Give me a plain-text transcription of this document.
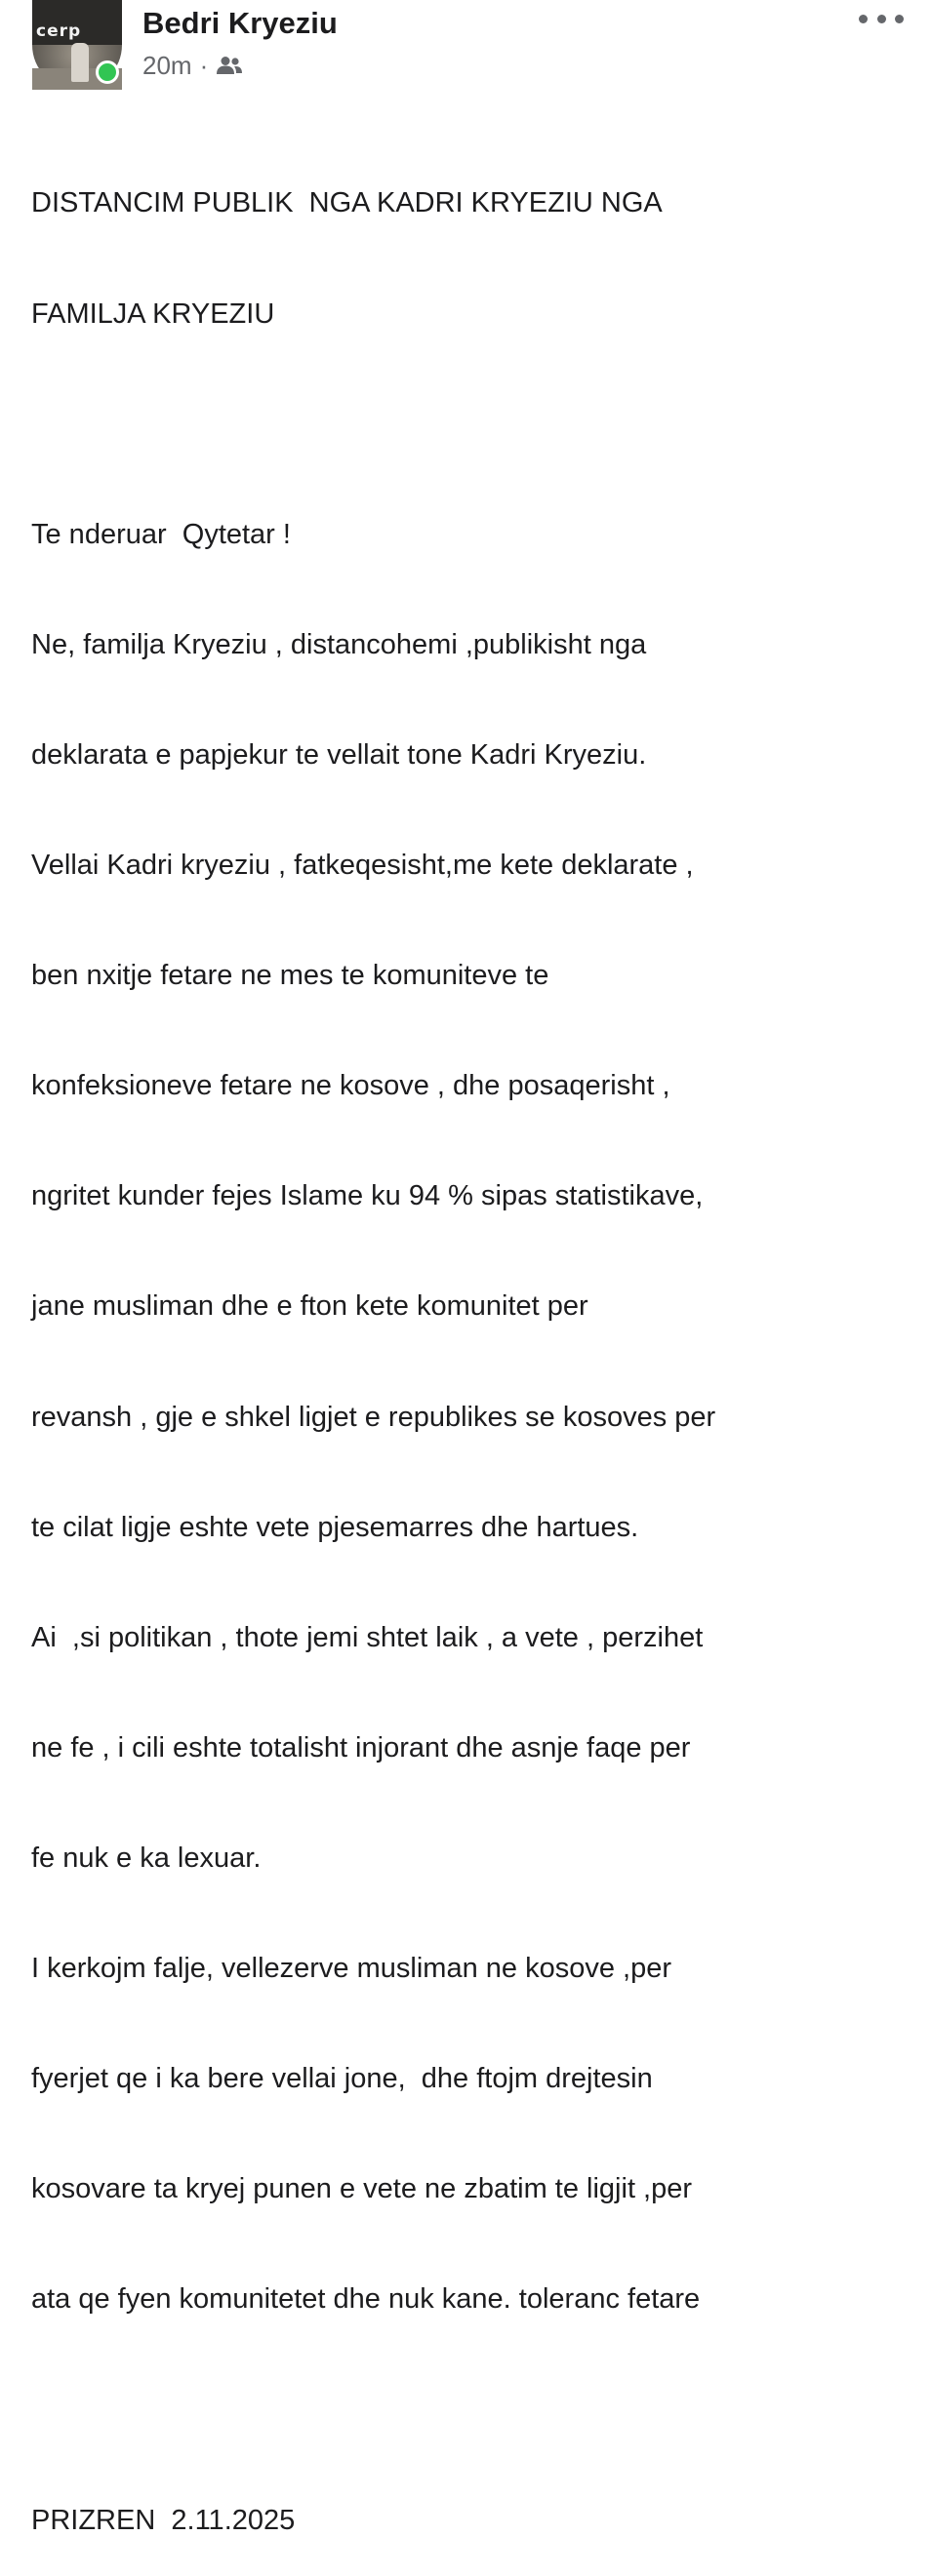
cerp	Bedri Kryeziu
20m ·

DISTANCIM PUBLIK  NGA KADRI KRYEZIU NGA

FAMILJA KRYEZIU

Te nderuar  Qytetar !

Ne, familja Kryeziu , distancohemi ,publikisht nga

deklarata e papjekur te vellait tone Kadri Kryeziu.

Vellai Kadri kryeziu , fatkeqesisht,me kete deklarate ,

ben nxitje fetare ne mes te komuniteve te

konfeksioneve fetare ne kosove , dhe posaqerisht ,

ngritet kunder fejes Islame ku 94 % sipas statistikave,

jane musliman dhe e fton kete komunitet per

revansh , gje e shkel ligjet e republikes se kosoves per

te cilat ligje eshte vete pjesemarres dhe hartues.

Ai  ,si politikan , thote jemi shtet laik , a vete , perzihet

ne fe , i cili eshte totalisht injorant dhe asnje faqe per

fe nuk e ka lexuar.

I kerkojm falje, vellezerve musliman ne kosove ,per

fyerjet qe i ka bere vellai jone,  dhe ftojm drejtesin

kosovare ta kryej punen e vete ne zbatim te ligjit ,per

ata qe fyen komunitetet dhe nuk kane. toleranc fetare

PRIZREN  2.11.2025
